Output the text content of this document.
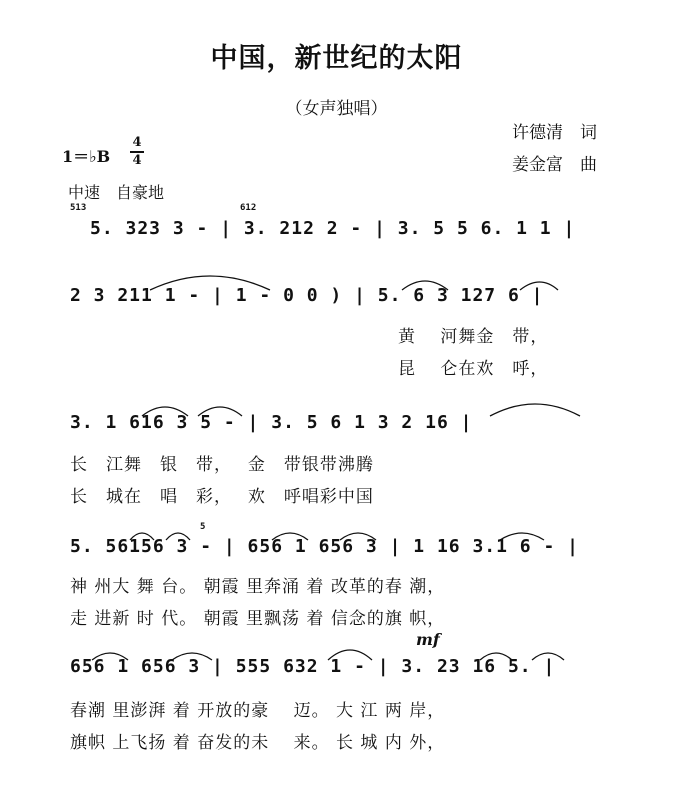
中国，新世纪的太阳
（女声独唱）
许德清　词
姜金富　曲
1＝♭B
4
4
中速　自豪地
5. 323 3 - | 3. 212 2 - | 3. 5 5 6. 1 1 |
2 3 211 1 - | 1 - 0 0 ) | 5. 6 3 127 6 |
黄　 河舞金　带，
昆　 仑在欢　呼，
3. 1 616 3 5 - | 3. 5 6 1 3 2 16 |
长　江舞　银　带，　 金　带银带沸腾
长　城在　唱　彩，　 欢　呼唱彩中国
5. 56156 3 - | 656 1 656 3 | 1 16 3.1 6 - |
神 州大 舞 台。 朝霞 里奔涌 着 改革的春 潮，
走 进新 时 代。 朝霞 里飘荡 着 信念的旗 帜，
656 1 656 3 | 555 632 1 - | 3. 23 16 5. |
春潮 里澎湃 着 开放的豪　 迈。 大 江 两 岸，
旗帜 上飞扬 着 奋发的未　 来。 长 城 内 外，
513	612
5
mf
